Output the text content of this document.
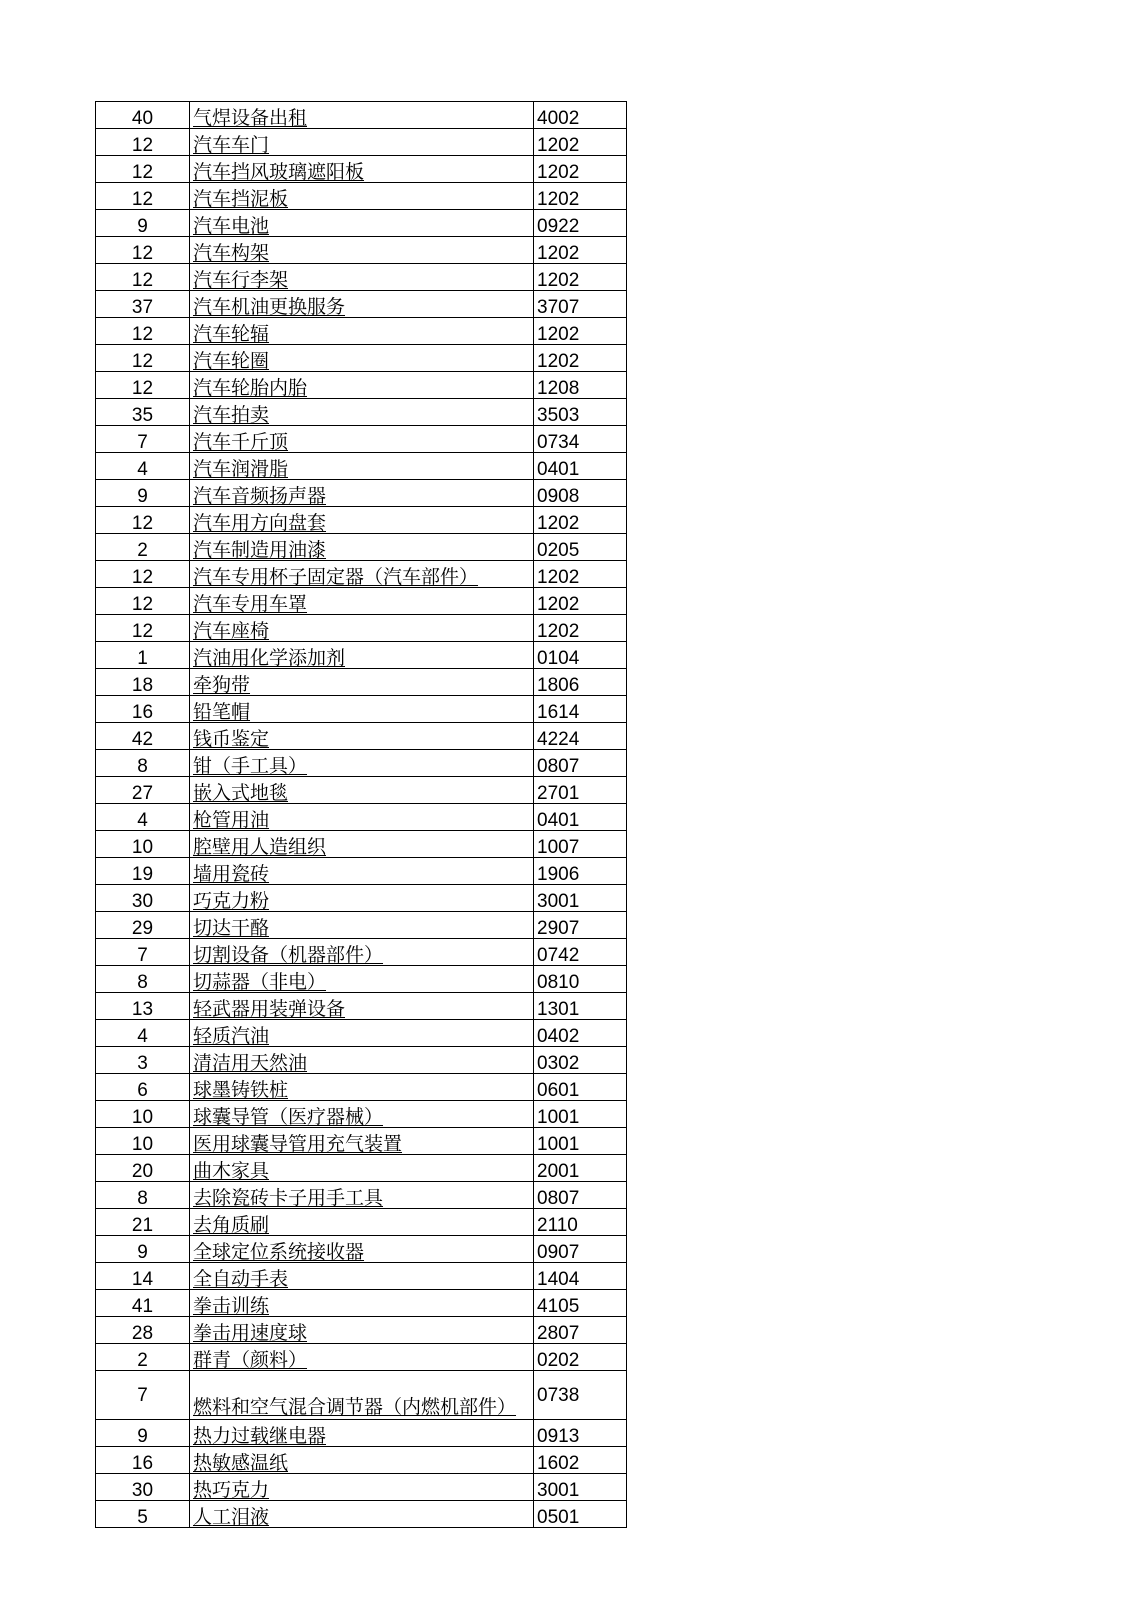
40	气焊设备出租	4002
12	汽车车门	1202
12	汽车挡风玻璃遮阳板	1202
12	汽车挡泥板	1202
9	汽车电池	0922
12	汽车构架	1202
12	汽车行李架	1202
37	汽车机油更换服务	3707
12	汽车轮辐	1202
12	汽车轮圈	1202
12	汽车轮胎内胎	1208
35	汽车拍卖	3503
7	汽车千斤顶	0734
4	汽车润滑脂	0401
9	汽车音频扬声器	0908
12	汽车用方向盘套	1202
2	汽车制造用油漆	0205
12	汽车专用杯子固定器（汽车部件）	1202
12	汽车专用车罩	1202
12	汽车座椅	1202
1	汽油用化学添加剂	0104
18	牵狗带	1806
16	铅笔帽	1614
42	钱币鉴定	4224
8	钳（手工具）	0807
27	嵌入式地毯	2701
4	枪管用油	0401
10	腔壁用人造组织	1007
19	墙用瓷砖	1906
30	巧克力粉	3001
29	切达干酪	2907
7	切割设备（机器部件）	0742
8	切蒜器（非电）	0810
13	轻武器用装弹设备	1301
4	轻质汽油	0402
3	清洁用天然油	0302
6	球墨铸铁桩	0601
10	球囊导管（医疗器械）	1001
10	医用球囊导管用充气装置	1001
20	曲木家具	2001
8	去除瓷砖卡子用手工具	0807
21	去角质刷	2110
9	全球定位系统接收器	0907
14	全自动手表	1404
41	拳击训练	4105
28	拳击用速度球	2807
2	群青（颜料）	0202
7	燃料和空气混合调节器（内燃机部件）	0738
9	热力过载继电器	0913
16	热敏感温纸	1602
30	热巧克力	3001
5	人工泪液	0501
